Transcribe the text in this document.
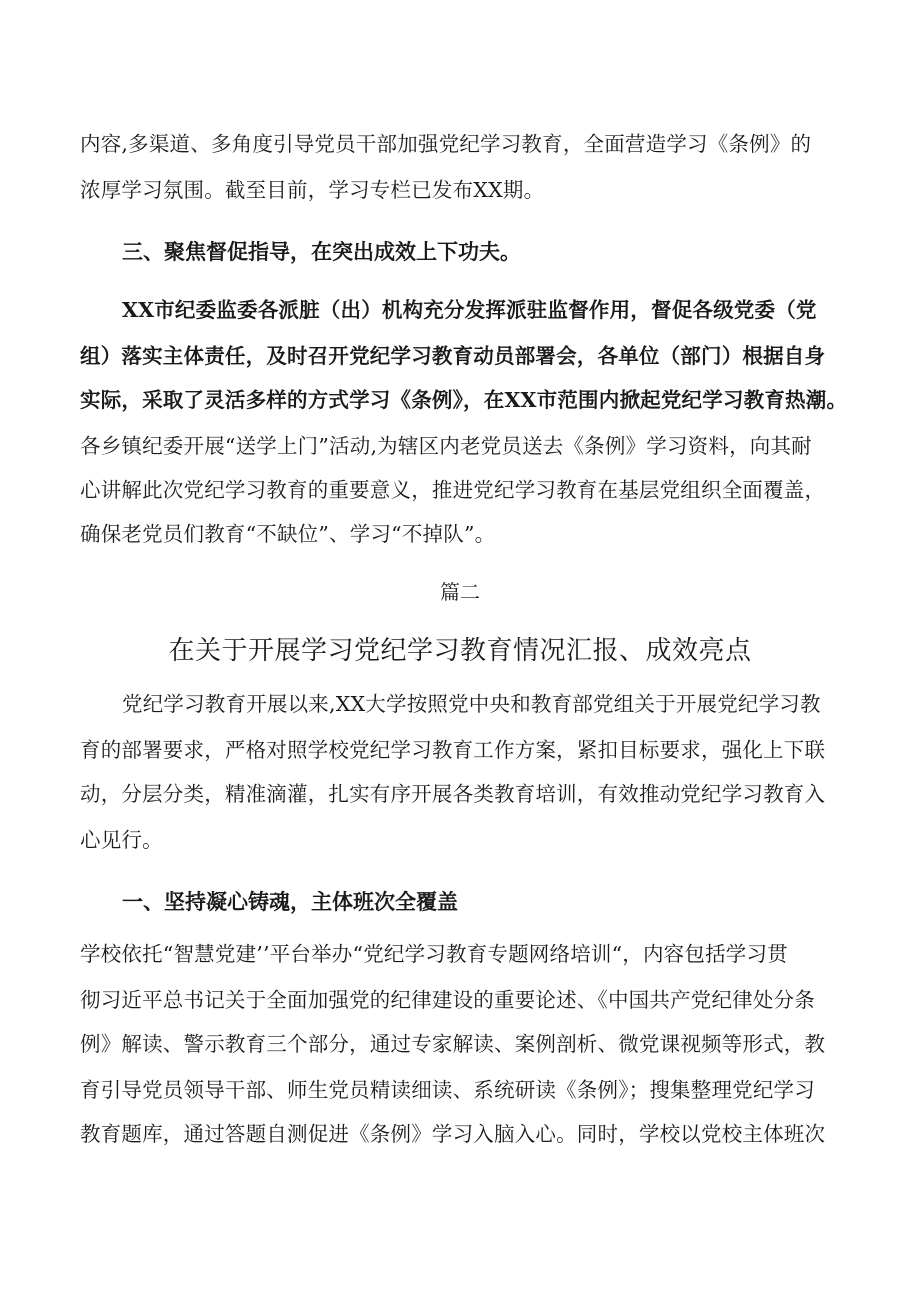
内容,多渠道、多角度引导党员干部加强党纪学习教育，全面营造学习《条例》的
浓厚学习氛围。截至目前，学习专栏已发布XX期。
三、聚焦督促指导，在突出成效上下功夫。
XX市纪委监委各派脏（出）机构充分发挥派驻监督作用，督促各级党委（党
组）落实主体责任，及时召开党纪学习教育动员部署会，各单位（部门）根据自身
实际，采取了灵活多样的方式学习《条例》，在XX市范围内掀起党纪学习教育热潮。
各乡镇纪委开展“送学上门”活动,为辖区内老党员送去《条例》学习资料，向其耐
心讲解此次党纪学习教育的重要意义，推进党纪学习教育在基层党组织全面覆盖，
确保老党员们教育“不缺位”、学习“不掉队”。
篇二
在关于开展学习党纪学习教育情况汇报、成效亮点
党纪学习教育开展以来,XX大学按照党中央和教育部党组关于开展党纪学习教
育的部署要求，严格对照学校党纪学习教育工作方案，紧扣目标要求，强化上下联
动，分层分类，精准滴灌，扎实有序开展各类教育培训，有效推动党纪学习教育入
心见行。
一、坚持凝心铸魂，主体班次全覆盖
学校依托“智慧党建’’平台举办“党纪学习教育专题网络培训“，内容包括学习贯
彻习近平总书记关于全面加强党的纪律建设的重要论述、《中国共产党纪律处分条
例》解读、警示教育三个部分，通过专家解读、案例剖析、微党课视频等形式，教
育引导党员领导干部、师生党员精读细读、系统研读《条例》；搜集整理党纪学习
教育题库，通过答题自测促进《条例》学习入脑入心。同时，学校以党校主体班次
